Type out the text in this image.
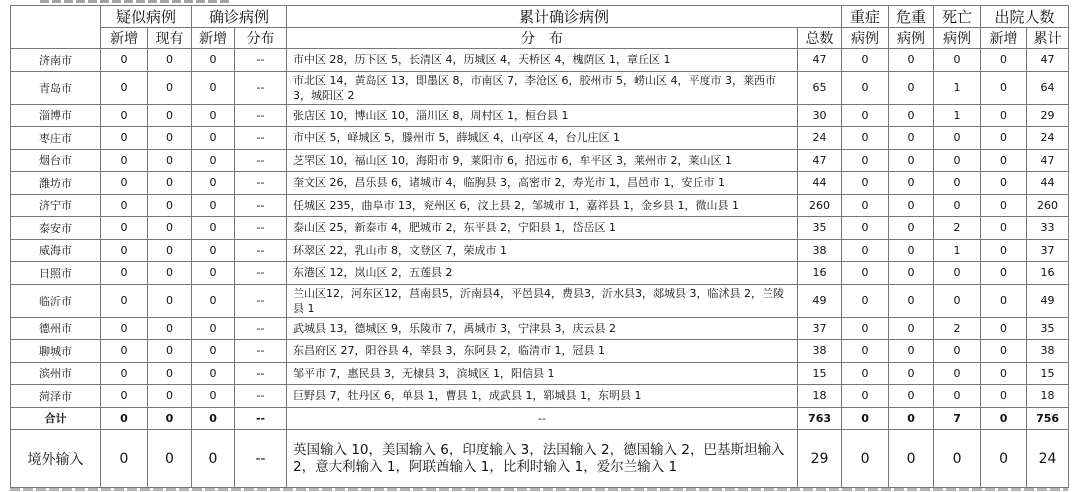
	疑似病例		确诊病例		累计确诊病例		重症	危重	死亡	出院人数	
	新增	现有	新增	分布	分　布	总数	病例	病例	病例	新增	累计
济南市	0	0	0	--	市中区 28，历下区 5，长清区 4，历城区 4，天桥区 4，槐荫区 1，章丘区 1	47	0	0	0	0	47
青岛市	0	0	0	--	市北区 14，黄岛区 13，即墨区 8，市南区 7，李沧区 6，胶州市 5，崂山区 4，平度市 3，莱西市 3，城阳区 2	65	0	0	1	0	64
淄博市	0	0	0	--	张店区 10，博山区 10，淄川区 8，周村区 1，桓台县 1	30	0	0	1	0	29
枣庄市	0	0	0	--	市中区 5，峄城区 5，滕州市 5，薛城区 4，山亭区 4，台儿庄区 1	24	0	0	0	0	24
烟台市	0	0	0	--	芝罘区 10，福山区 10，海阳市 9，莱阳市 6，招远市 6，牟平区 3，莱州市 2，莱山区 1	47	0	0	0	0	47
潍坊市	0	0	0	--	奎文区 26，昌乐县 6，诸城市 4，临朐县 3，高密市 2，寿光市 1，昌邑市 1，安丘市 1	44	0	0	0	0	44
济宁市	0	0	0	--	任城区 235，曲阜市 13，兖州区 6，汶上县 2，邹城市 1，嘉祥县 1，金乡县 1，微山县 1	260	0	0	0	0	260
泰安市	0	0	0	--	泰山区 25，新泰市 4，肥城市 2，东平县 2，宁阳县 1，岱岳区 1	35	0	0	2	0	33
威海市	0	0	0	--	环翠区 22，乳山市 8，文登区 7，荣成市 1	38	0	0	1	0	37
日照市	0	0	0	--	东港区 12，岚山区 2，五莲县 2	16	0	0	0	0	16
临沂市	0	0	0	--	兰山区12，河东区12，莒南县5，沂南县4，平邑县4，费县3，沂水县3，郯城县 3，临沭县 2，兰陵县 1	49	0	0	0	0	49
德州市	0	0	0	--	武城县 13，德城区 9，乐陵市 7，禹城市 3，宁津县 3，庆云县 2	37	0	0	2	0	35
聊城市	0	0	0	--	东昌府区 27，阳谷县 4，莘县 3，东阿县 2，临清市 1，冠县 1	38	0	0	0	0	38
滨州市	0	0	0	--	邹平市 7，惠民县 3，无棣县 3，滨城区 1，阳信县 1	15	0	0	0	0	15
菏泽市	0	0	0	--	巨野县 7，牡丹区 6，单县 1，曹县 1，成武县 1，郓城县 1，东明县 1	18	0	0	0	0	18
合计	0	0	0	--	--	763	0	0	7	0	756
境外输入	0	0	0	--	英国输入 10，美国输入 6，印度输入 3，法国输入 2，德国输入 2，巴基斯坦输入 2，意大利输入 1，阿联酋输入 1，比利时输入 1，爱尔兰输入 1	29	0	0	0	0	24
